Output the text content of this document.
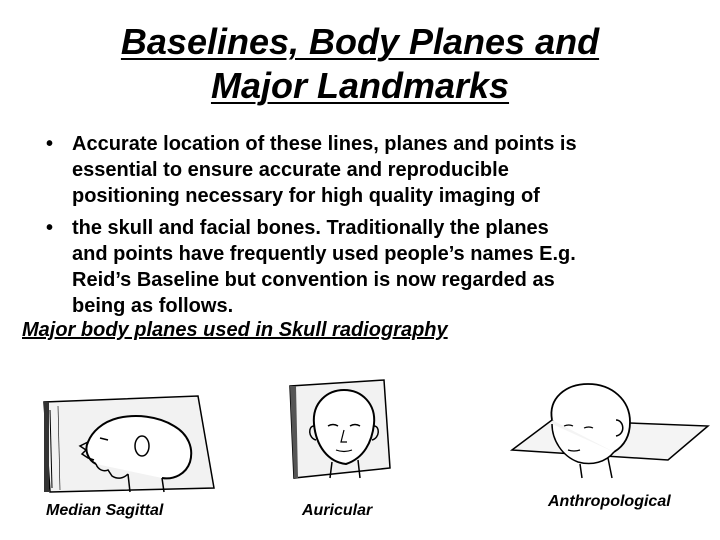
Baselines, Body Planes and
Major Landmarks
• Accurate location of these lines, planes and points is
essential to ensure accurate and reproducible
positioning necessary for high quality imaging of
• the skull and facial bones. Traditionally the planes
and points have frequently used people’s names E.g.
Reid’s Baseline but convention is now regarded as
being as follows.
Major body planes used in Skull radiography
Median Sagittal	Auricular
Anthropological
